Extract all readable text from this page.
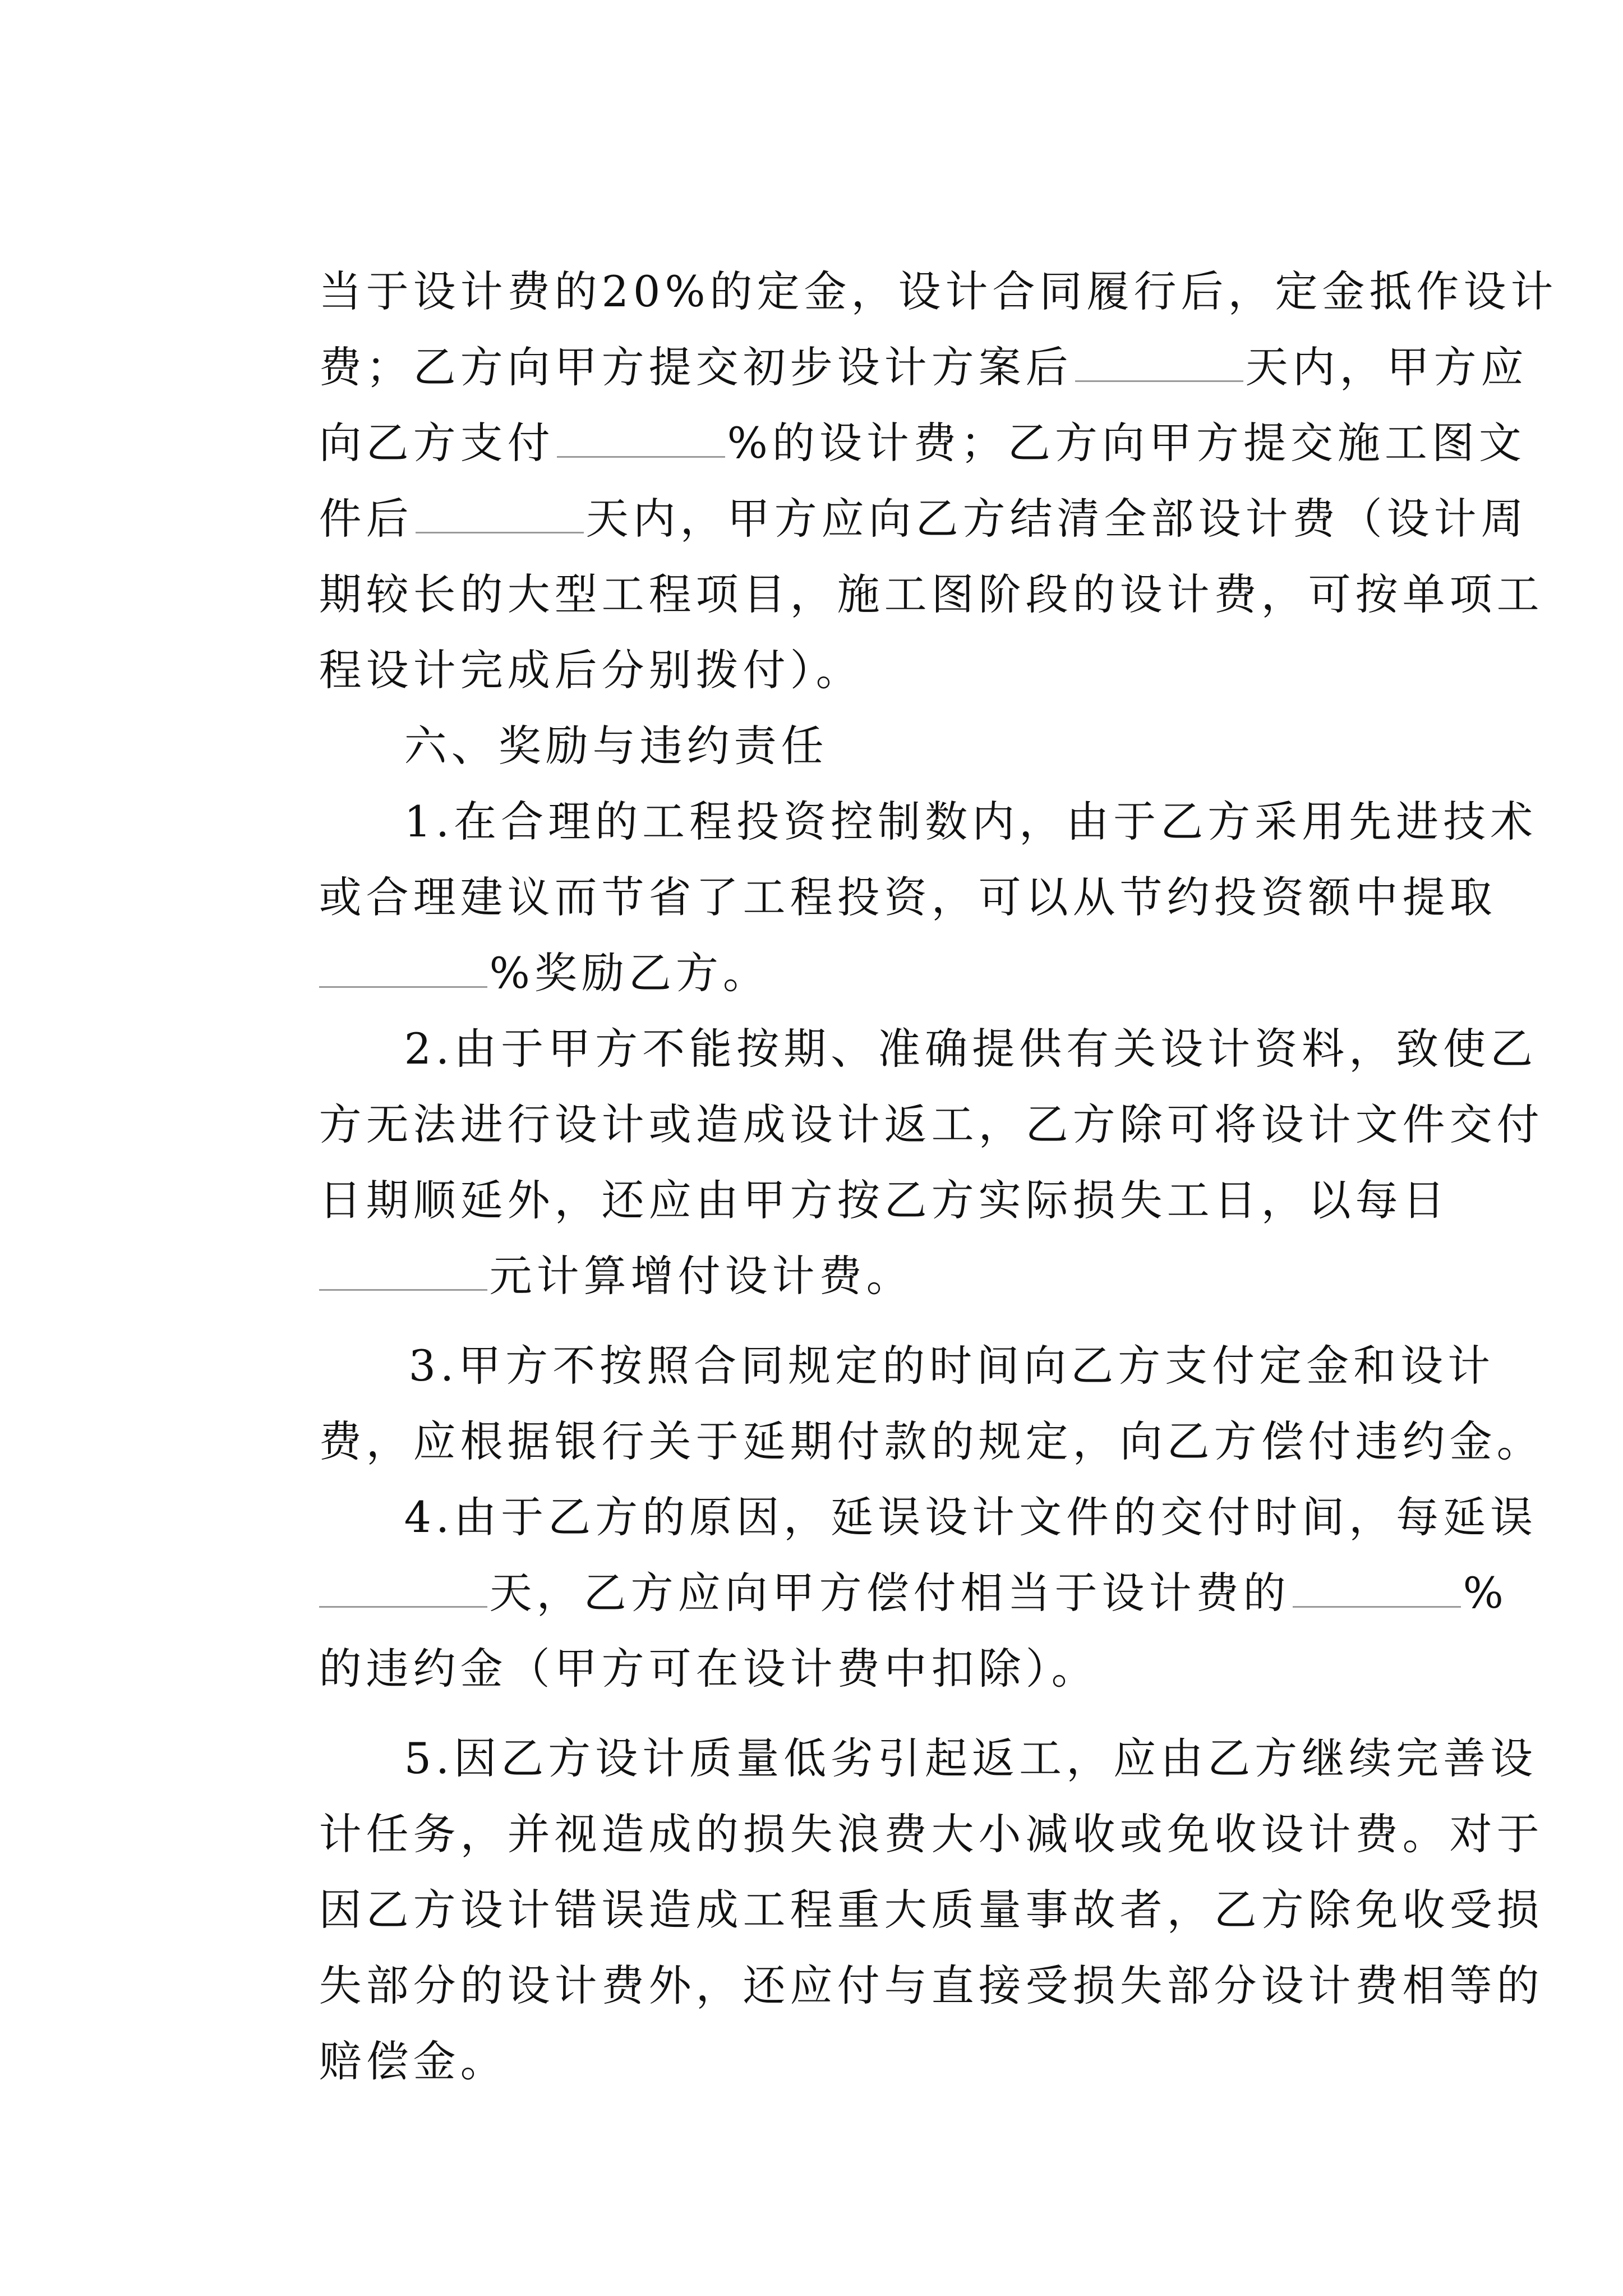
当于设计费的20%的定金，设计合同履行后，定金抵作设计

费；乙方向甲方提交初步设计方案后	天内，甲方应

向乙方支付	%的设计费；乙方向甲方提交施工图文

件后	天内，甲方应向乙方结清全部设计费（设计周

期较长的大型工程项目，施工图阶段的设计费，可按单项工

程设计完成后分别拨付）。

六、奖励与违约责任

1.在合理的工程投资控制数内，由于乙方采用先进技术

或合理建议而节省了工程投资，可以从节约投资额中提取

%奖励乙方。

2.由于甲方不能按期、准确提供有关设计资料，致使乙

方无法进行设计或造成设计返工，乙方除可将设计文件交付

日期顺延外，还应由甲方按乙方实际损失工日，以每日

元计算增付设计费。

3.甲方不按照合同规定的时间向乙方支付定金和设计

费，应根据银行关于延期付款的规定，向乙方偿付违约金。

4.由于乙方的原因，延误设计文件的交付时间，每延误

天，乙方应向甲方偿付相当于设计费的	%

的违约金（甲方可在设计费中扣除）。

5.因乙方设计质量低劣引起返工，应由乙方继续完善设

计任务，并视造成的损失浪费大小减收或免收设计费。对于

因乙方设计错误造成工程重大质量事故者，乙方除免收受损

失部分的设计费外，还应付与直接受损失部分设计费相等的

赔偿金。
